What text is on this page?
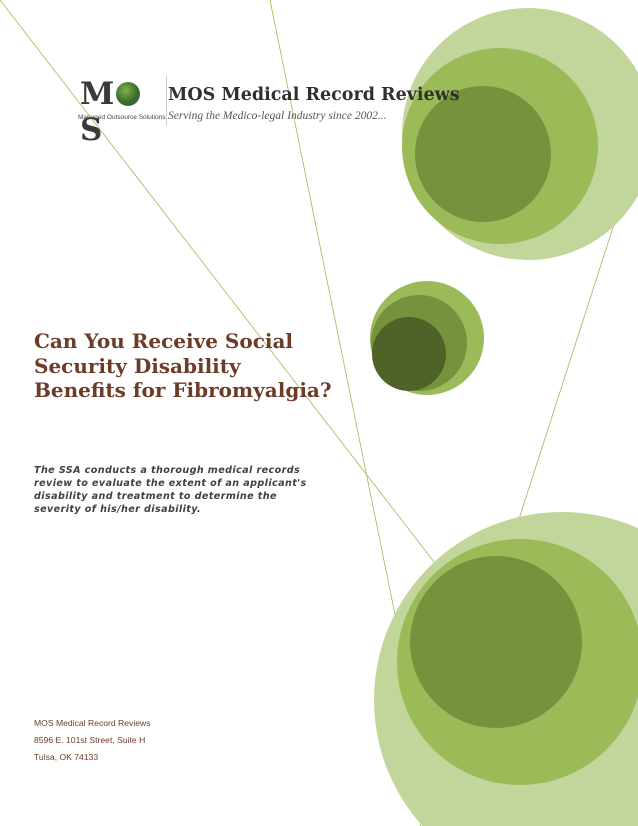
MS
Managed Outsource Solutions
MOS Medical Record Reviews
Serving the Medico-legal Industry since 2002...
Can You Receive Social Security Disability Benefits for Fibromyalgia?

The SSA conducts a thorough medical records review to evaluate the extent of an applicant's disability and treatment to determine the severity of his/her disability.

MOS Medical Record Reviews
8596 E. 101st Street, Suite H
Tulsa, OK 74133
